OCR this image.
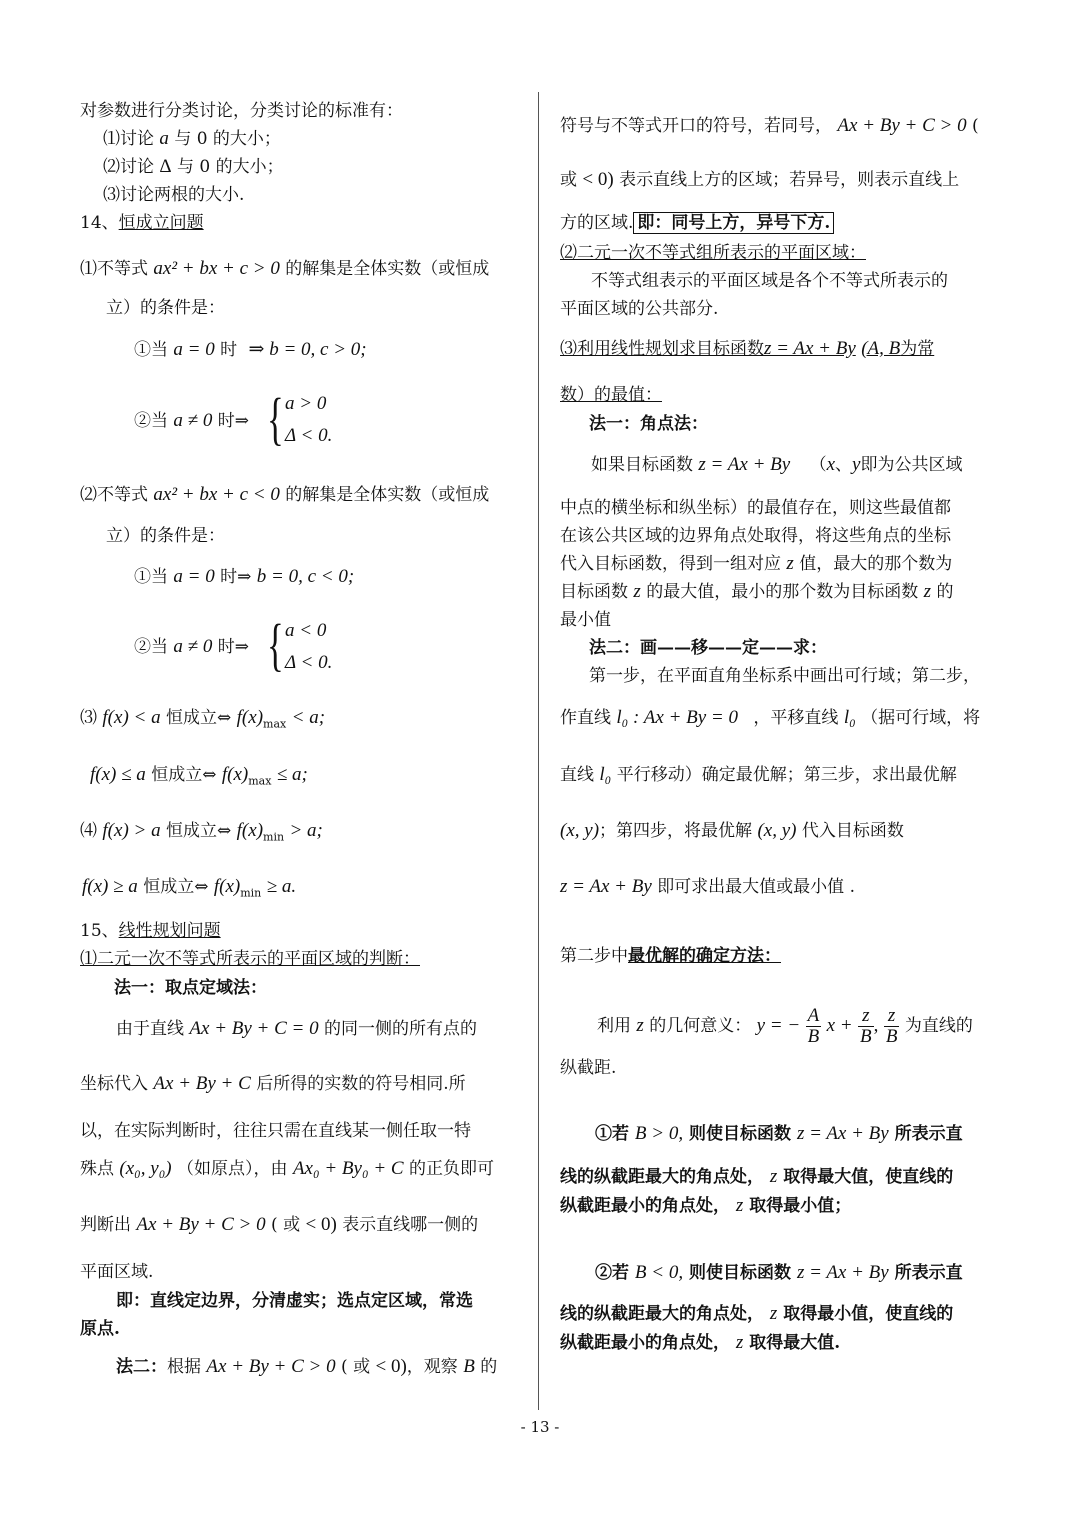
对参数进行分类讨论，分类讨论的标准有：
⑴讨论 a 与 0 的大小；
⑵讨论 Δ 与 0 的大小；
⑶讨论两根的大小.
14、恒成立问题
⑴不等式 ax² + bx + c > 0 的解集是全体实数（或恒成
立）的条件是：
①当 a = 0 时 ⇒ b = 0, c > 0;
②当 a ≠ 0 时⇒ { a > 0
Δ < 0.
⑵不等式 ax² + bx + c < 0 的解集是全体实数（或恒成
立）的条件是：
①当 a = 0 时⇒ b = 0, c < 0;
②当 a ≠ 0 时⇒ { a < 0
Δ < 0.
⑶ f(x) < a 恒成立⇔ $f(x)_{max} < a$;
f(x) ≤ a 恒成立⇔ $f(x)_{max} \le a$;
⑷ f(x) > a 恒成立⇔ $f(x)_{min} > a$;
f(x) ≥ a 恒成立⇔ $f(x)_{min} \ge a$.
15、线性规划问题
⑴二元一次不等式所表示的平面区域的判断：
法一：取点定域法：
由于直线 Ax + By + C = 0 的同一侧的所有点的
坐标代入 Ax + By + C 后所得的实数的符号相同.所
以，在实际判断时，往往只需在直线某一侧任取一特
殊点 (x₀, y₀) （如原点），由 Ax₀ + By₀ + C 的正负即可
判断出 Ax + By + C > 0 ( 或 < 0) 表示直线哪一侧的
平面区域.
即：直线定边界，分清虚实；选点定区域，常选
原点.
法二：根据 Ax + By + C > 0 ( 或 < 0)，观察 B 的
符号与不等式开口的符号，若同号， Ax + By + C > 0 (
或 < 0) 表示直线上方的区域；若异号，则表示直线上
方的区域. 即：同号上方，异号下方.
⑵二元一次不等式组所表示的平面区域：
不等式组表示的平面区域是各个不等式所表示的
平面区域的公共部分.
⑶利用线性规划求目标函数z = Ax + By (A, B为常
数）的最值：
法一：角点法：
如果目标函数 z = Ax + By （x、y即为公共区域
中点的横坐标和纵坐标）的最值存在，则这些最值都
在该公共区域的边界角点处取得，将这些角点的坐标
代入目标函数，得到一组对应 z 值，最大的那个数为
目标函数 z 的最大值，最小的那个数为目标函数 z 的
最小值
法二：画——移——定——求：
第一步，在平面直角坐标系中画出可行域；第二步，
作直线 l₀ : Ax + By = 0 ，平移直线 l₀ （据可行域，将
直线 l₀ 平行移动）确定最优解；第三步，求出最优解
(x, y)；第四步，将最优解 (x, y) 代入目标函数
z = Ax + By 即可求出最大值或最小值 .
第二步中最优解的确定方法：
利用 z 的几何意义： y = − $\frac{A}{B}$ $x + \frac{z}{B}$ , $\frac{z}{B}$ 为直线的
纵截距.
①若 B > 0, 则使目标函数 z = Ax + By 所表示直
线的纵截距最大的角点处， z 取得最大值，使直线的
纵截距最小的角点处， z 取得最小值；
②若 B < 0, 则使目标函数 z = Ax + By 所表示直
线的纵截距最大的角点处， z 取得最小值，使直线的
纵截距最小的角点处， z 取得最大值.
- 13 -
